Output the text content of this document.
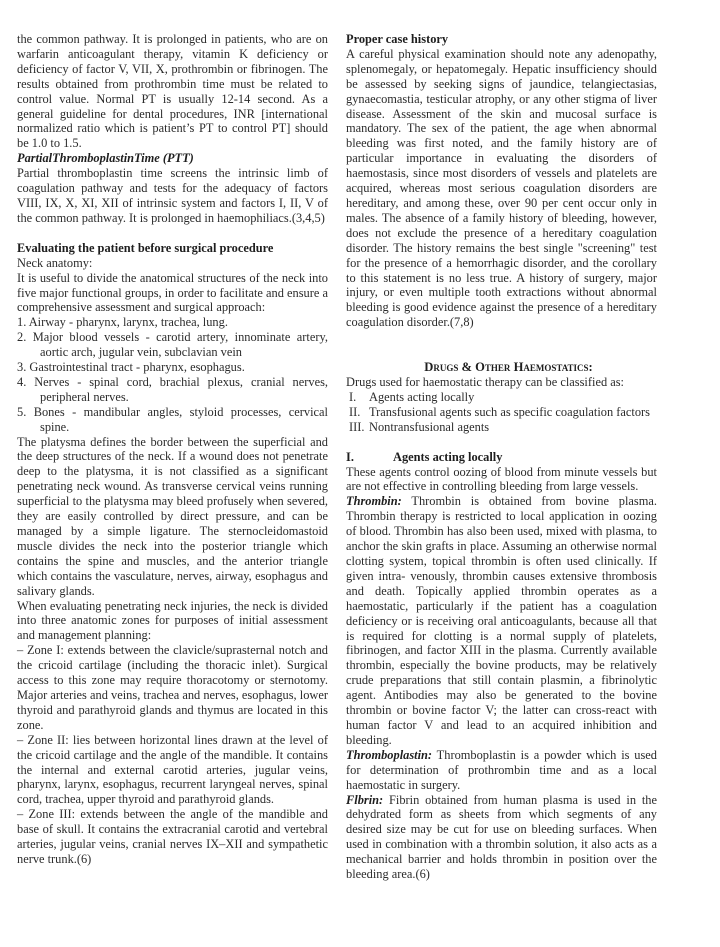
the common pathway. It is prolonged in patients, who are on warfarin anticoagulant therapy, vitamin K deficiency or deficiency of factor V, VII, X, prothrombin or fibrinogen. The results obtained from prothrombin time must be related to control value. Normal PT is usually 12-14 second. As a general guideline for dental procedures, INR [international normalized ratio which is patient’s PT to control PT] should be 1.0 to 1.5.

PartialThromboplastinTime (PTT)

Partial thromboplastin time screens the intrinsic limb of coagulation pathway and tests for the adequacy of factors VIII, IX, X, XI, XII of intrinsic system and factors I, II, V of the common pathway. It is prolonged in haemophiliacs.(3,4,5)

Evaluating the patient before surgical procedure

Neck anatomy:

It is useful to divide the anatomical structures of the neck into five major functional groups, in order to facilitate and ensure a comprehensive assessment and surgical approach:

1. Airway - pharynx, larynx, trachea, lung.
2. Major blood vessels - carotid artery, innominate artery, aortic arch, jugular vein, subclavian vein
3. Gastrointestinal tract - pharynx, esophagus.
4. Nerves - spinal cord, brachial plexus, cranial nerves, peripheral nerves.
5. Bones - mandibular angles, styloid processes, cervical spine.

The platysma defines the border between the superficial and the deep structures of the neck. If a wound does not penetrate deep to the platysma, it is not classified as a significant penetrating neck wound. As transverse cervical veins running superficial to the platysma may bleed profusely when severed, they are easily controlled by direct pressure, and can be managed by a simple ligature. The sternocleidomastoid muscle divides the neck into the posterior triangle which contains the spine and muscles, and the anterior triangle which contains the vasculature, nerves, airway, esophagus and salivary glands.

When evaluating penetrating neck injuries, the neck is divided into three anatomic zones for purposes of initial assessment and management planning:

– Zone I: extends between the clavicle/suprasternal notch and the cricoid cartilage (including the thoracic inlet). Surgical access to this zone may require thoracotomy or sternotomy. Major arteries and veins, trachea and nerves, esophagus, lower thyroid and parathyroid glands and thymus are located in this zone.

– Zone II: lies between horizontal lines drawn at the level of the cricoid cartilage and the angle of the mandible. It contains the internal and external carotid arteries, jugular veins, pharynx, larynx, esophagus, recurrent laryngeal nerves, spinal cord, trachea, upper thyroid and parathyroid glands.

– Zone III: extends between the angle of the mandible and base of skull. It contains the extracranial carotid and vertebral arteries, jugular veins, cranial nerves IX–XII and sympathetic nerve trunk.(6)

Proper case history

A careful physical examination should note any adenopathy, splenomegaly, or hepatomegaly. Hepatic insufficiency should be assessed by seeking signs of jaundice, telangiectasias, gynaecomastia, testicular atrophy, or any other stigma of liver disease. Assessment of the skin and mucosal surface is mandatory. The sex of the patient, the age when abnormal bleeding was first noted, and the family history are of particular importance in evaluating the disorders of haemostasis, since most disorders of vessels and platelets are acquired, whereas most serious coagulation disorders are hereditary, and among these, over 90 per cent occur only in males. The absence of a family history of bleeding, however, does not exclude the presence of a hereditary coagulation disorder. The history remains the best single "screening" test for the presence of a hemorrhagic disorder, and the corollary to this statement is no less true. A history of surgery, major injury, or even multiple tooth extractions without abnormal bleeding is good evidence against the presence of a hereditary coagulation disorder.(7,8)

Drugs & Other Haemostatics:

Drugs used for haemostatic therapy can be classified as:

I.	Agents acting locally
II. Transfusional agents such as specific coagulation factors
III. Nontransfusional agents
I.	Agents acting locally

These agents control oozing of blood from minute vessels but are not effective in controlling bleeding from large vessels.

Thrombin: Thrombin is obtained from bovine plasma. Thrombin therapy is restricted to local application in oozing of blood. Thrombin has also been used, mixed with plasma, to anchor the skin grafts in place. Assuming an otherwise normal clotting system, topical thrombin is often used clinically. If given intra- venously, thrombin causes extensive thrombosis and death. Topically applied thrombin operates as a haemostatic, particularly if the patient has a coagulation deficiency or is receiving oral anticoagulants, because all that is required for clotting is a normal supply of platelets, fibrinogen, and factor XIII in the plasma. Currently available thrombin, especially the bovine products, may be relatively crude preparations that still contain plasmin, a fibrinolytic agent. Antibodies may also be generated to the bovine thrombin or bovine factor V; the latter can cross-react with human factor V and lead to an acquired inhibition and bleeding.

Thromboplastin: Thromboplastin is a powder which is used for determination of prothrombin time and as a local haemostatic in surgery.

Flbrin: Fibrin obtained from human plasma is used in the dehydrated form as sheets from which segments of any desired size may be cut for use on bleeding surfaces. When used in combination with a thrombin solution, it also acts as a mechanical barrier and holds thrombin in position over the bleeding area.(6)
